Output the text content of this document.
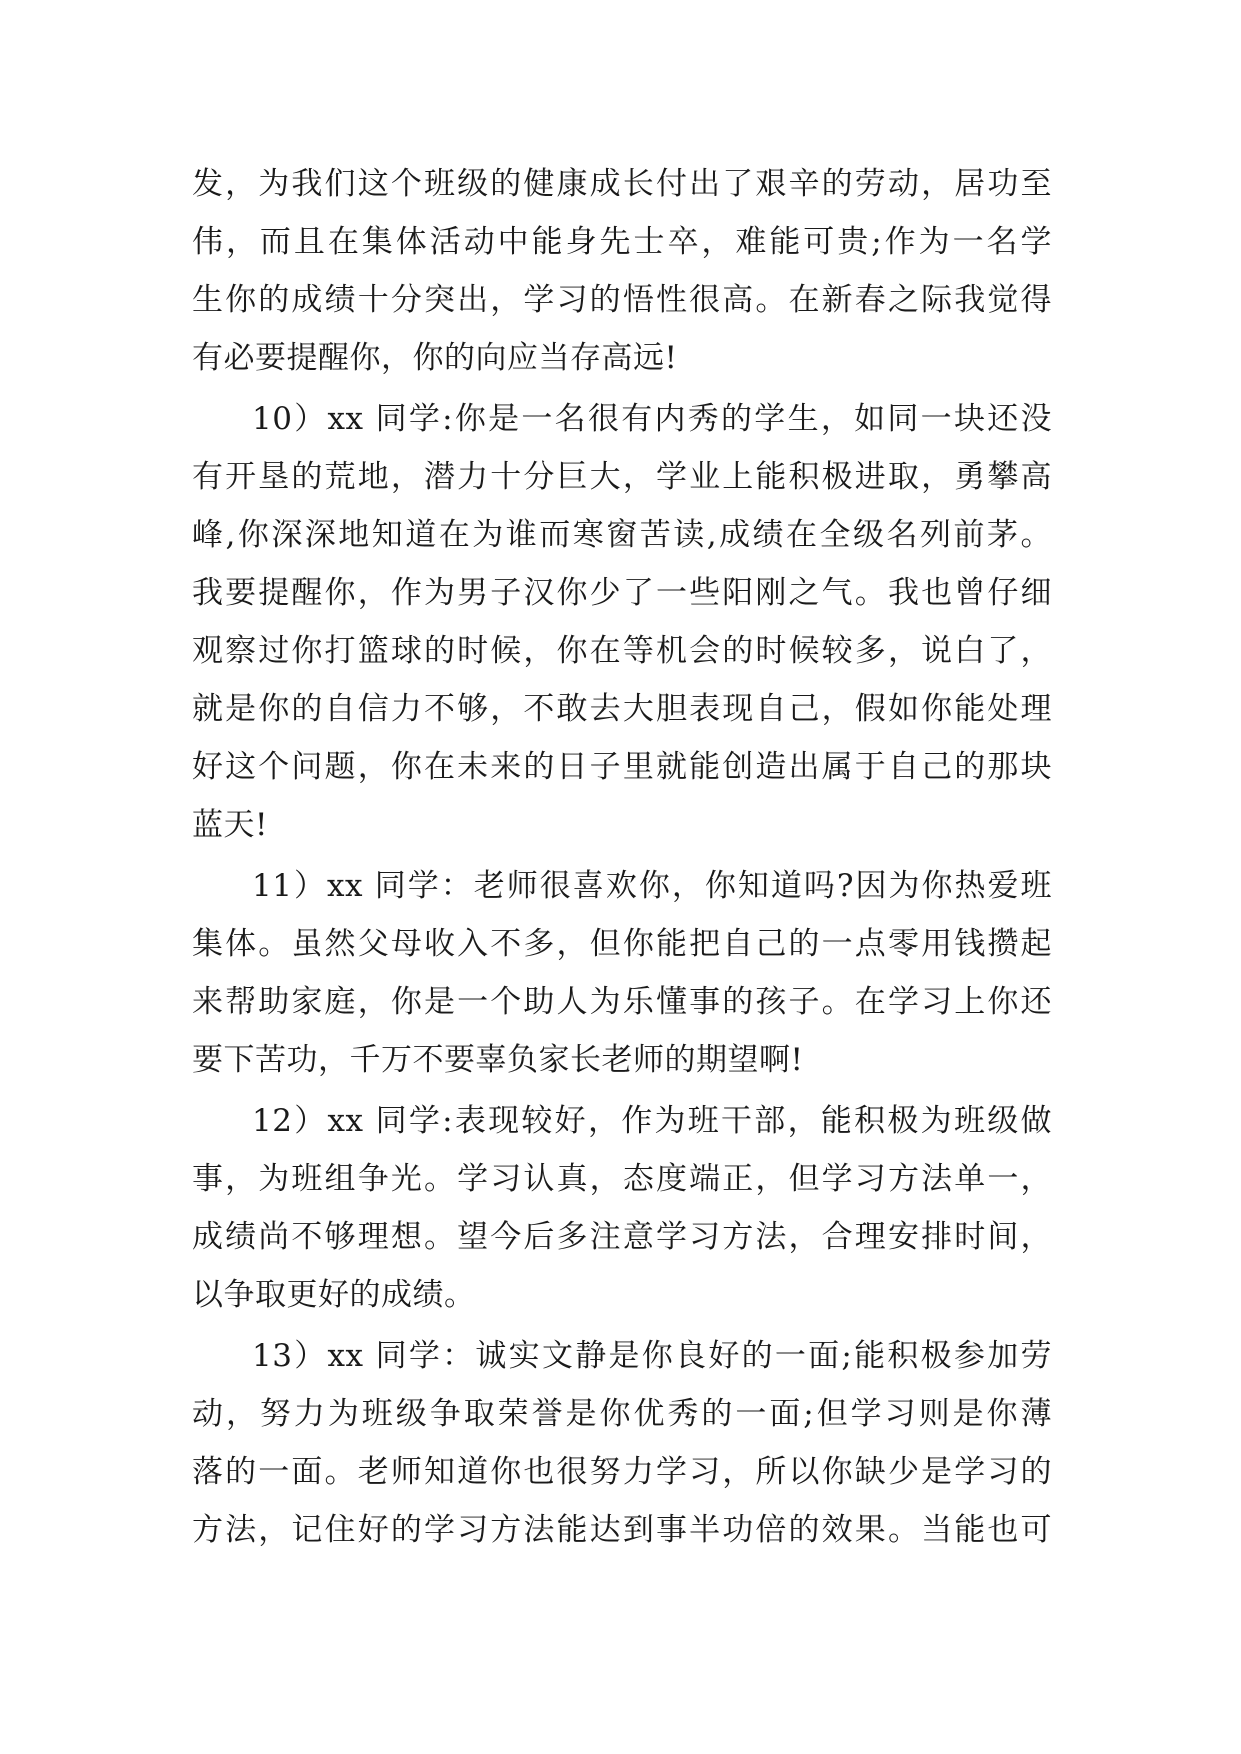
发，为我们这个班级的健康成长付出了艰辛的劳动，居功至
伟，而且在集体活动中能身先士卒，难能可贵;作为一名学
生你的成绩十分突出，学习的悟性很高。在新春之际我觉得
有必要提醒你，你的向应当存高远!
10）xx 同学:你是一名很有内秀的学生，如同一块还没
有开垦的荒地，潜力十分巨大，学业上能积极进取，勇攀高
峰,你深深地知道在为谁而寒窗苦读,成绩在全级名列前茅。
我要提醒你，作为男子汉你少了一些阳刚之气。我也曾仔细
观察过你打篮球的时候，你在等机会的时候较多，说白了，
就是你的自信力不够，不敢去大胆表现自己，假如你能处理
好这个问题，你在未来的日子里就能创造出属于自己的那块
蓝天!
11）xx 同学：老师很喜欢你，你知道吗?因为你热爱班
集体。虽然父母收入不多，但你能把自己的一点零用钱攒起
来帮助家庭，你是一个助人为乐懂事的孩子。在学习上你还
要下苦功，千万不要辜负家长老师的期望啊!
12）xx 同学:表现较好，作为班干部，能积极为班级做
事，为班组争光。学习认真，态度端正，但学习方法单一，
成绩尚不够理想。望今后多注意学习方法，合理安排时间，
以争取更好的成绩。
13）xx 同学：诚实文静是你良好的一面;能积极参加劳
动，努力为班级争取荣誉是你优秀的一面;但学习则是你薄
落的一面。老师知道你也很努力学习，所以你缺少是学习的
方法，记住好的学习方法能达到事半功倍的效果。当能也可
